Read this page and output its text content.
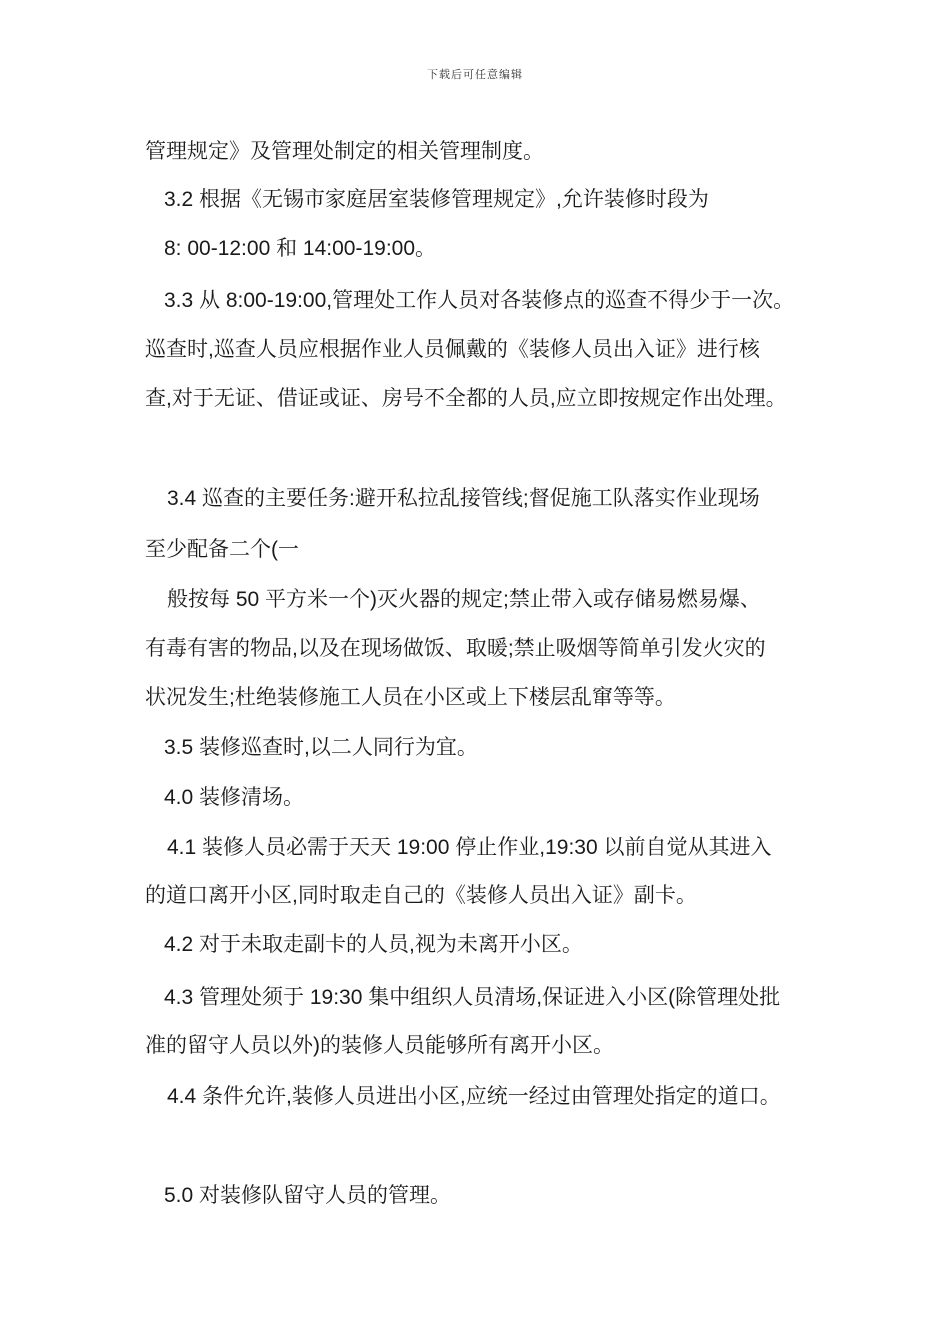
下载后可任意编辑
管理规定》及管理处制定的相关管理制度。
3.2 根据《无锡市家庭居室装修管理规定》,允许装修时段为
8: 00-12:00 和 14:00-19:00。
3.3 从 8:00-19:00,管理处工作人员对各装修点的巡查不得少于一次。
巡查时,巡查人员应根据作业人员佩戴的《装修人员出入证》进行核
查,对于无证、借证或证、房号不全都的人员,应立即按规定作出处理。
3.4 巡查的主要任务:避开私拉乱接管线;督促施工队落实作业现场
至少配备二个(一
般按每 50 平方米一个)灭火器的规定;禁止带入或存储易燃易爆、
有毒有害的物品,以及在现场做饭、取暖;禁止吸烟等简单引发火灾的
状况发生;杜绝装修施工人员在小区或上下楼层乱窜等等。
3.5 装修巡查时,以二人同行为宜。
4.0 装修清场。
4.1 装修人员必需于天天 19:00 停止作业,19:30 以前自觉从其进入
的道口离开小区,同时取走自己的《装修人员出入证》副卡。
4.2 对于未取走副卡的人员,视为未离开小区。
4.3 管理处须于 19:30 集中组织人员清场,保证进入小区(除管理处批
准的留守人员以外)的装修人员能够所有离开小区。
4.4 条件允许,装修人员进出小区,应统一经过由管理处指定的道口。
5.0 对装修队留守人员的管理。
